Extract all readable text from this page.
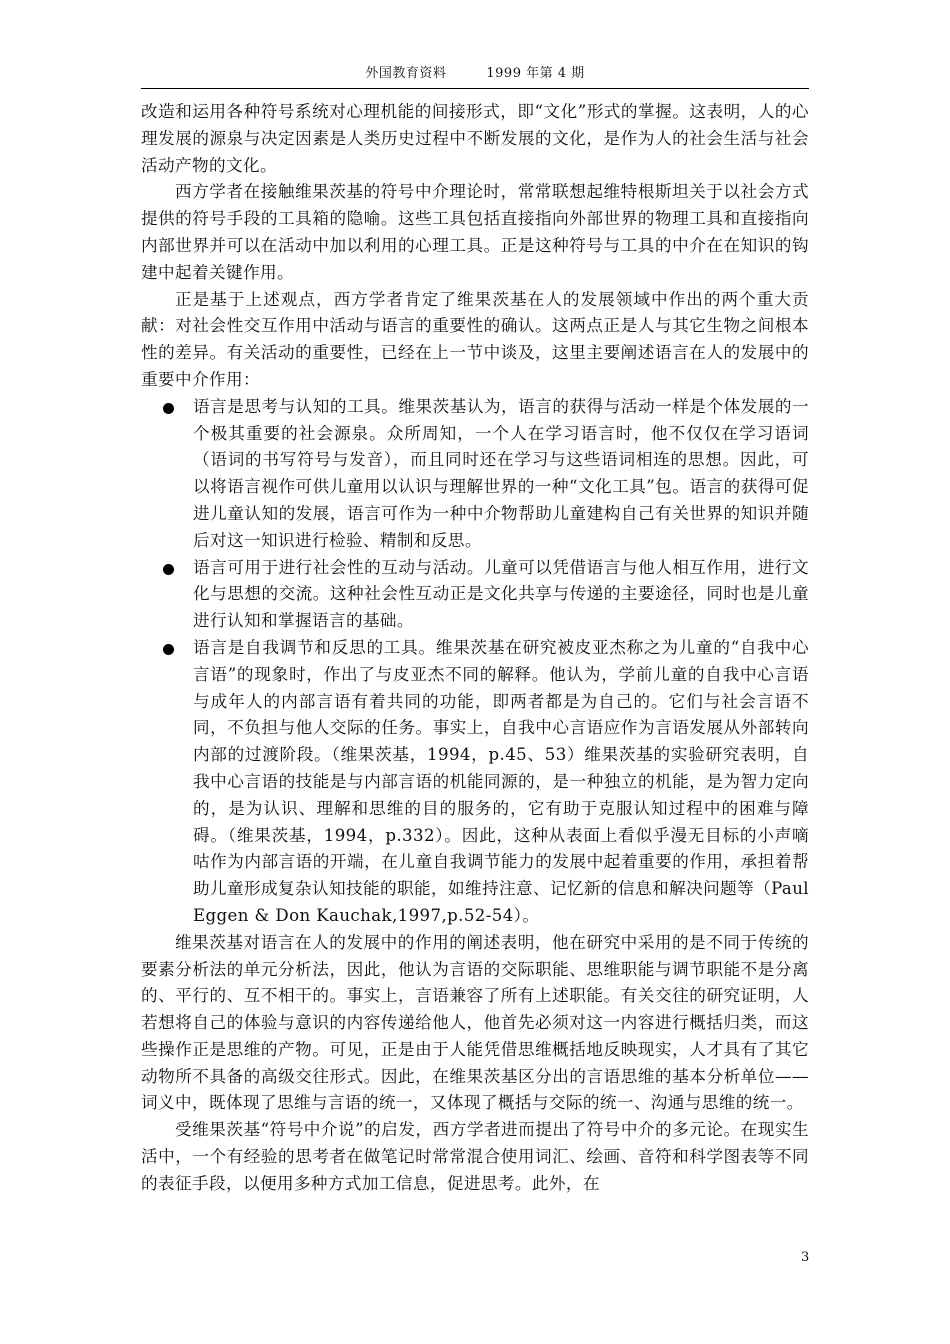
外国教育资料	1999 年第 4 期

改造和运用各种符号系统对心理机能的间接形式，即“文化”形式的掌握。这表明，人的心理发展的源泉与决定因素是人类历史过程中不断发展的文化，是作为人的社会生活与社会活动产物的文化。

西方学者在接触维果茨基的符号中介理论时，常常联想起维特根斯坦关于以社会方式提供的符号手段的工具箱的隐喻。这些工具包括直接指向外部世界的物理工具和直接指向内部世界并可以在活动中加以利用的心理工具。正是这种符号与工具的中介在在知识的钩建中起着关键作用。

正是基于上述观点，西方学者肯定了维果茨基在人的发展领域中作出的两个重大贡献：对社会性交互作用中活动与语言的重要性的确认。这两点正是人与其它生物之间根本性的差异。有关活动的重要性，已经在上一节中谈及，这里主要阐述语言在人的发展中的重要中介作用：

语言是思考与认知的工具。维果茨基认为，语言的获得与活动一样是个体发展的一个极其重要的社会源泉。众所周知，一个人在学习语言时，他不仅仅在学习语词（语词的书写符号与发音），而且同时还在学习与这些语词相连的思想。因此，可以将语言视作可供儿童用以认识与理解世界的一种“文化工具”包。语言的获得可促进儿童认知的发展，语言可作为一种中介物帮助儿童建构自己有关世界的知识并随后对这一知识进行检验、精制和反思。

语言可用于进行社会性的互动与活动。儿童可以凭借语言与他人相互作用，进行文化与思想的交流。这种社会性互动正是文化共享与传递的主要途径，同时也是儿童进行认知和掌握语言的基础。

语言是自我调节和反思的工具。维果茨基在研究被皮亚杰称之为儿童的“自我中心言语”的现象时，作出了与皮亚杰不同的解释。他认为，学前儿童的自我中心言语与成年人的内部言语有着共同的功能，即两者都是为自己的。它们与社会言语不同，不负担与他人交际的任务。事实上，自我中心言语应作为言语发展从外部转向内部的过渡阶段。（维果茨基，1994，p.45、53）维果茨基的实验研究表明，自我中心言语的技能是与内部言语的机能同源的，是一种独立的机能，是为智力定向的，是为认识、理解和思维的目的服务的，它有助于克服认知过程中的困难与障碍。（维果茨基，1994，p.332）。因此，这种从表面上看似乎漫无目标的小声嘀咕作为内部言语的开端，在儿童自我调节能力的发展中起着重要的作用，承担着帮助儿童形成复杂认知技能的职能，如维持注意、记忆新的信息和解决问题等（Paul Eggen & Don Kauchak,1997,p.52-54）。

维果茨基对语言在人的发展中的作用的阐述表明，他在研究中采用的是不同于传统的要素分析法的单元分析法，因此，他认为言语的交际职能、思维职能与调节职能不是分离的、平行的、互不相干的。事实上，言语兼容了所有上述职能。有关交往的研究证明，人若想将自己的体验与意识的内容传递给他人，他首先必须对这一内容进行概括归类，而这些操作正是思维的产物。可见，正是由于人能凭借思维概括地反映现实，人才具有了其它动物所不具备的高级交往形式。因此，在维果茨基区分出的言语思维的基本分析单位——词义中，既体现了思维与言语的统一，又体现了概括与交际的统一、沟通与思维的统一。

受维果茨基“符号中介说”的启发，西方学者进而提出了符号中介的多元论。在现实生活中，一个有经验的思考者在做笔记时常常混合使用词汇、绘画、音符和科学图表等不同的表征手段，以便用多种方式加工信息，促进思考。此外，在

3
